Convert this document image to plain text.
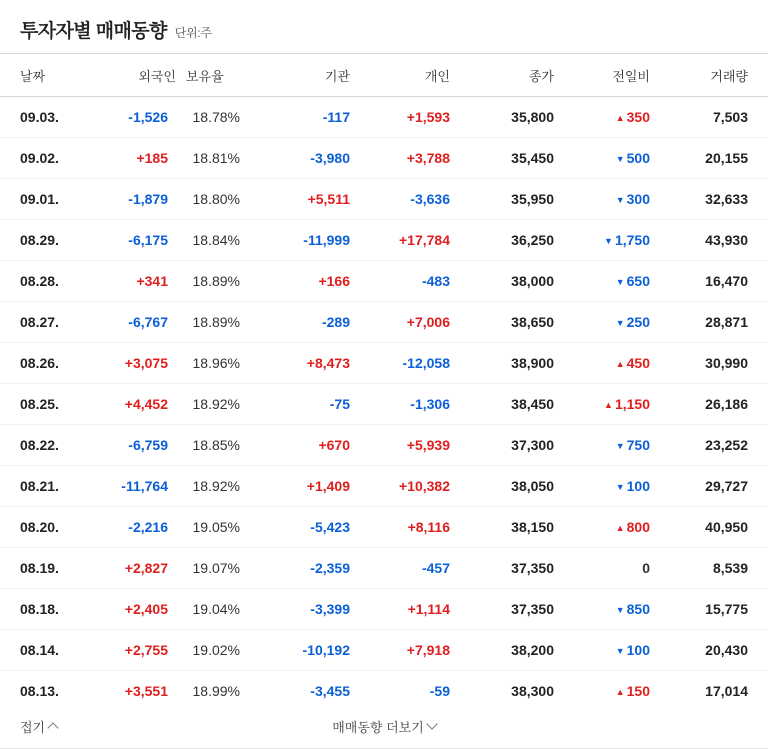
투자자별 매매동향 단위:주
날짜	외국인	보유율	기관	개인	종가	전일비	거래량
09.03.	-1,526	18.78%	-117	+1,593	35,800	▲ 350	7,503
09.02.	+185	18.81%	-3,980	+3,788	35,450	▼ 500	20,155
09.01.	-1,879	18.80%	+5,511	-3,636	35,950	▼ 300	32,633
08.29.	-6,175	18.84%	-11,999	+17,784	36,250	▼ 1,750	43,930
08.28.	+341	18.89%	+166	-483	38,000	▼ 650	16,470
08.27.	-6,767	18.89%	-289	+7,006	38,650	▼ 250	28,871
08.26.	+3,075	18.96%	+8,473	-12,058	38,900	▲ 450	30,990
08.25.	+4,452	18.92%	-75	-1,306	38,450	▲ 1,150	26,186
08.22.	-6,759	18.85%	+670	+5,939	37,300	▼ 750	23,252
08.21.	-11,764	18.92%	+1,409	+10,382	38,050	▼ 100	29,727
08.20.	-2,216	19.05%	-5,423	+8,116	38,150	▲ 800	40,950
08.19.	+2,827	19.07%	-2,359	-457	37,350	0	8,539
08.18.	+2,405	19.04%	-3,399	+1,114	37,350	▼ 850	15,775
08.14.	+2,755	19.02%	-10,192	+7,918	38,200	▼ 100	20,430
08.13.	+3,551	18.99%	-3,455	-59	38,300	▲ 150	17,014
접기	매매동향 더보기
